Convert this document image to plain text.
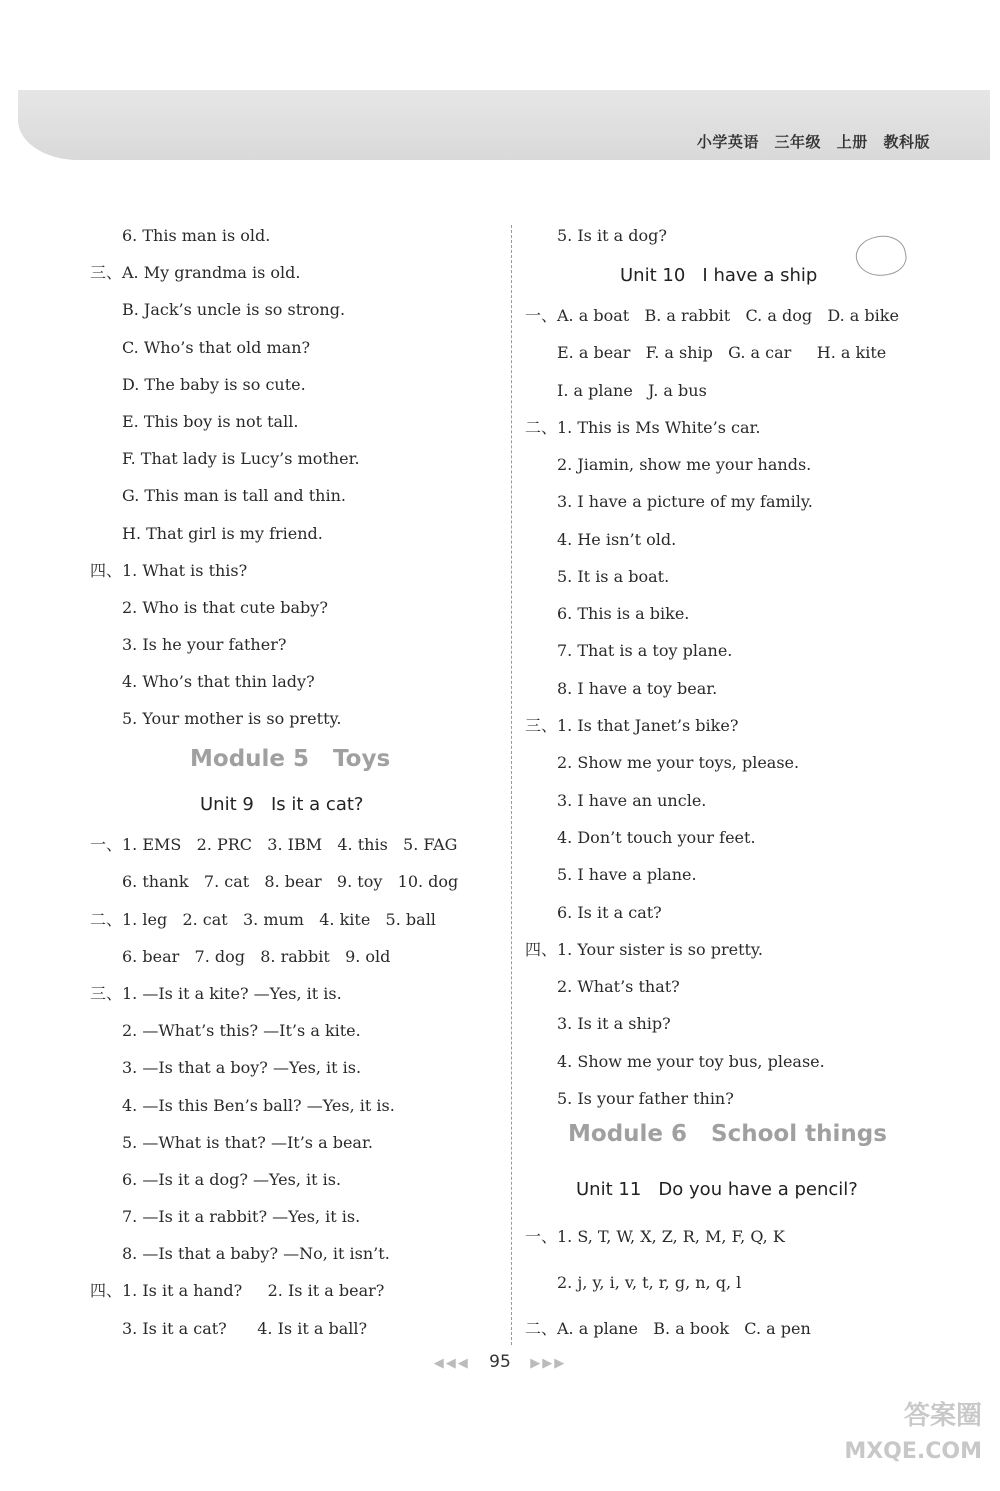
小学英语 三年级 上册 教科版
6. This man is old.
三、A. My grandma is old.
B. Jack’s uncle is so strong.
C. Who’s that old man?
D. The baby is so cute.
E. This boy is not tall.
F. That lady is Lucy’s mother.
G. This man is tall and thin.
H. That girl is my friend.
四、1. What is this?
2. Who is that cute baby?
3. Is he your father?
4. Who’s that thin lady?
5. Your mother is so pretty.
一、1. EMS   2. PRC   3. IBM   4. this   5. FAG
6. thank   7. cat   8. bear   9. toy   10. dog
二、1. leg   2. cat   3. mum   4. kite   5. ball
6. bear   7. dog   8. rabbit   9. old
三、1. —Is it a kite? —Yes, it is.
2. —What’s this? —It’s a kite.
3. —Is that a boy? —Yes, it is.
4. —Is this Ben’s ball? —Yes, it is.
5. —What is that? —It’s a bear.
6. —Is it a dog? —Yes, it is.
7. —Is it a rabbit? —Yes, it is.
8. —Is that a baby? —No, it isn’t.
四、1. Is it a hand?     2. Is it a bear?
3. Is it a cat?      4. Is it a ball?
5. Is it a dog?
一、A. a boat   B. a rabbit   C. a dog   D. a bike
E. a bear   F. a ship   G. a car     H. a kite
I. a plane   J. a bus
二、1. This is Ms White’s car.
2. Jiamin, show me your hands.
3. I have a picture of my family.
4. He isn’t old.
5. It is a boat.
6. This is a bike.
7. That is a toy plane.
8. I have a toy bear.
三、1. Is that Janet’s bike?
2. Show me your toys, please.
3. I have an uncle.
4. Don’t touch your feet.
5. I have a plane.
6. Is it a cat?
四、1. Your sister is so pretty.
2. What’s that?
3. Is it a ship?
4. Show me your toy bus, please.
5. Is your father thin?
一、1. S, T, W, X, Z, R, M, F, Q, K
2. j, y, i, v, t, r, g, n, q, l
二、A. a plane   B. a book   C. a pen
Module 5   Toys
Unit 9   Is it a cat?
Unit 10   I have a ship
Module 6   School things
Unit 11   Do you have a pencil?
◀◀◀ 95 ▶▶▶
答案圈
MXQE.COM
